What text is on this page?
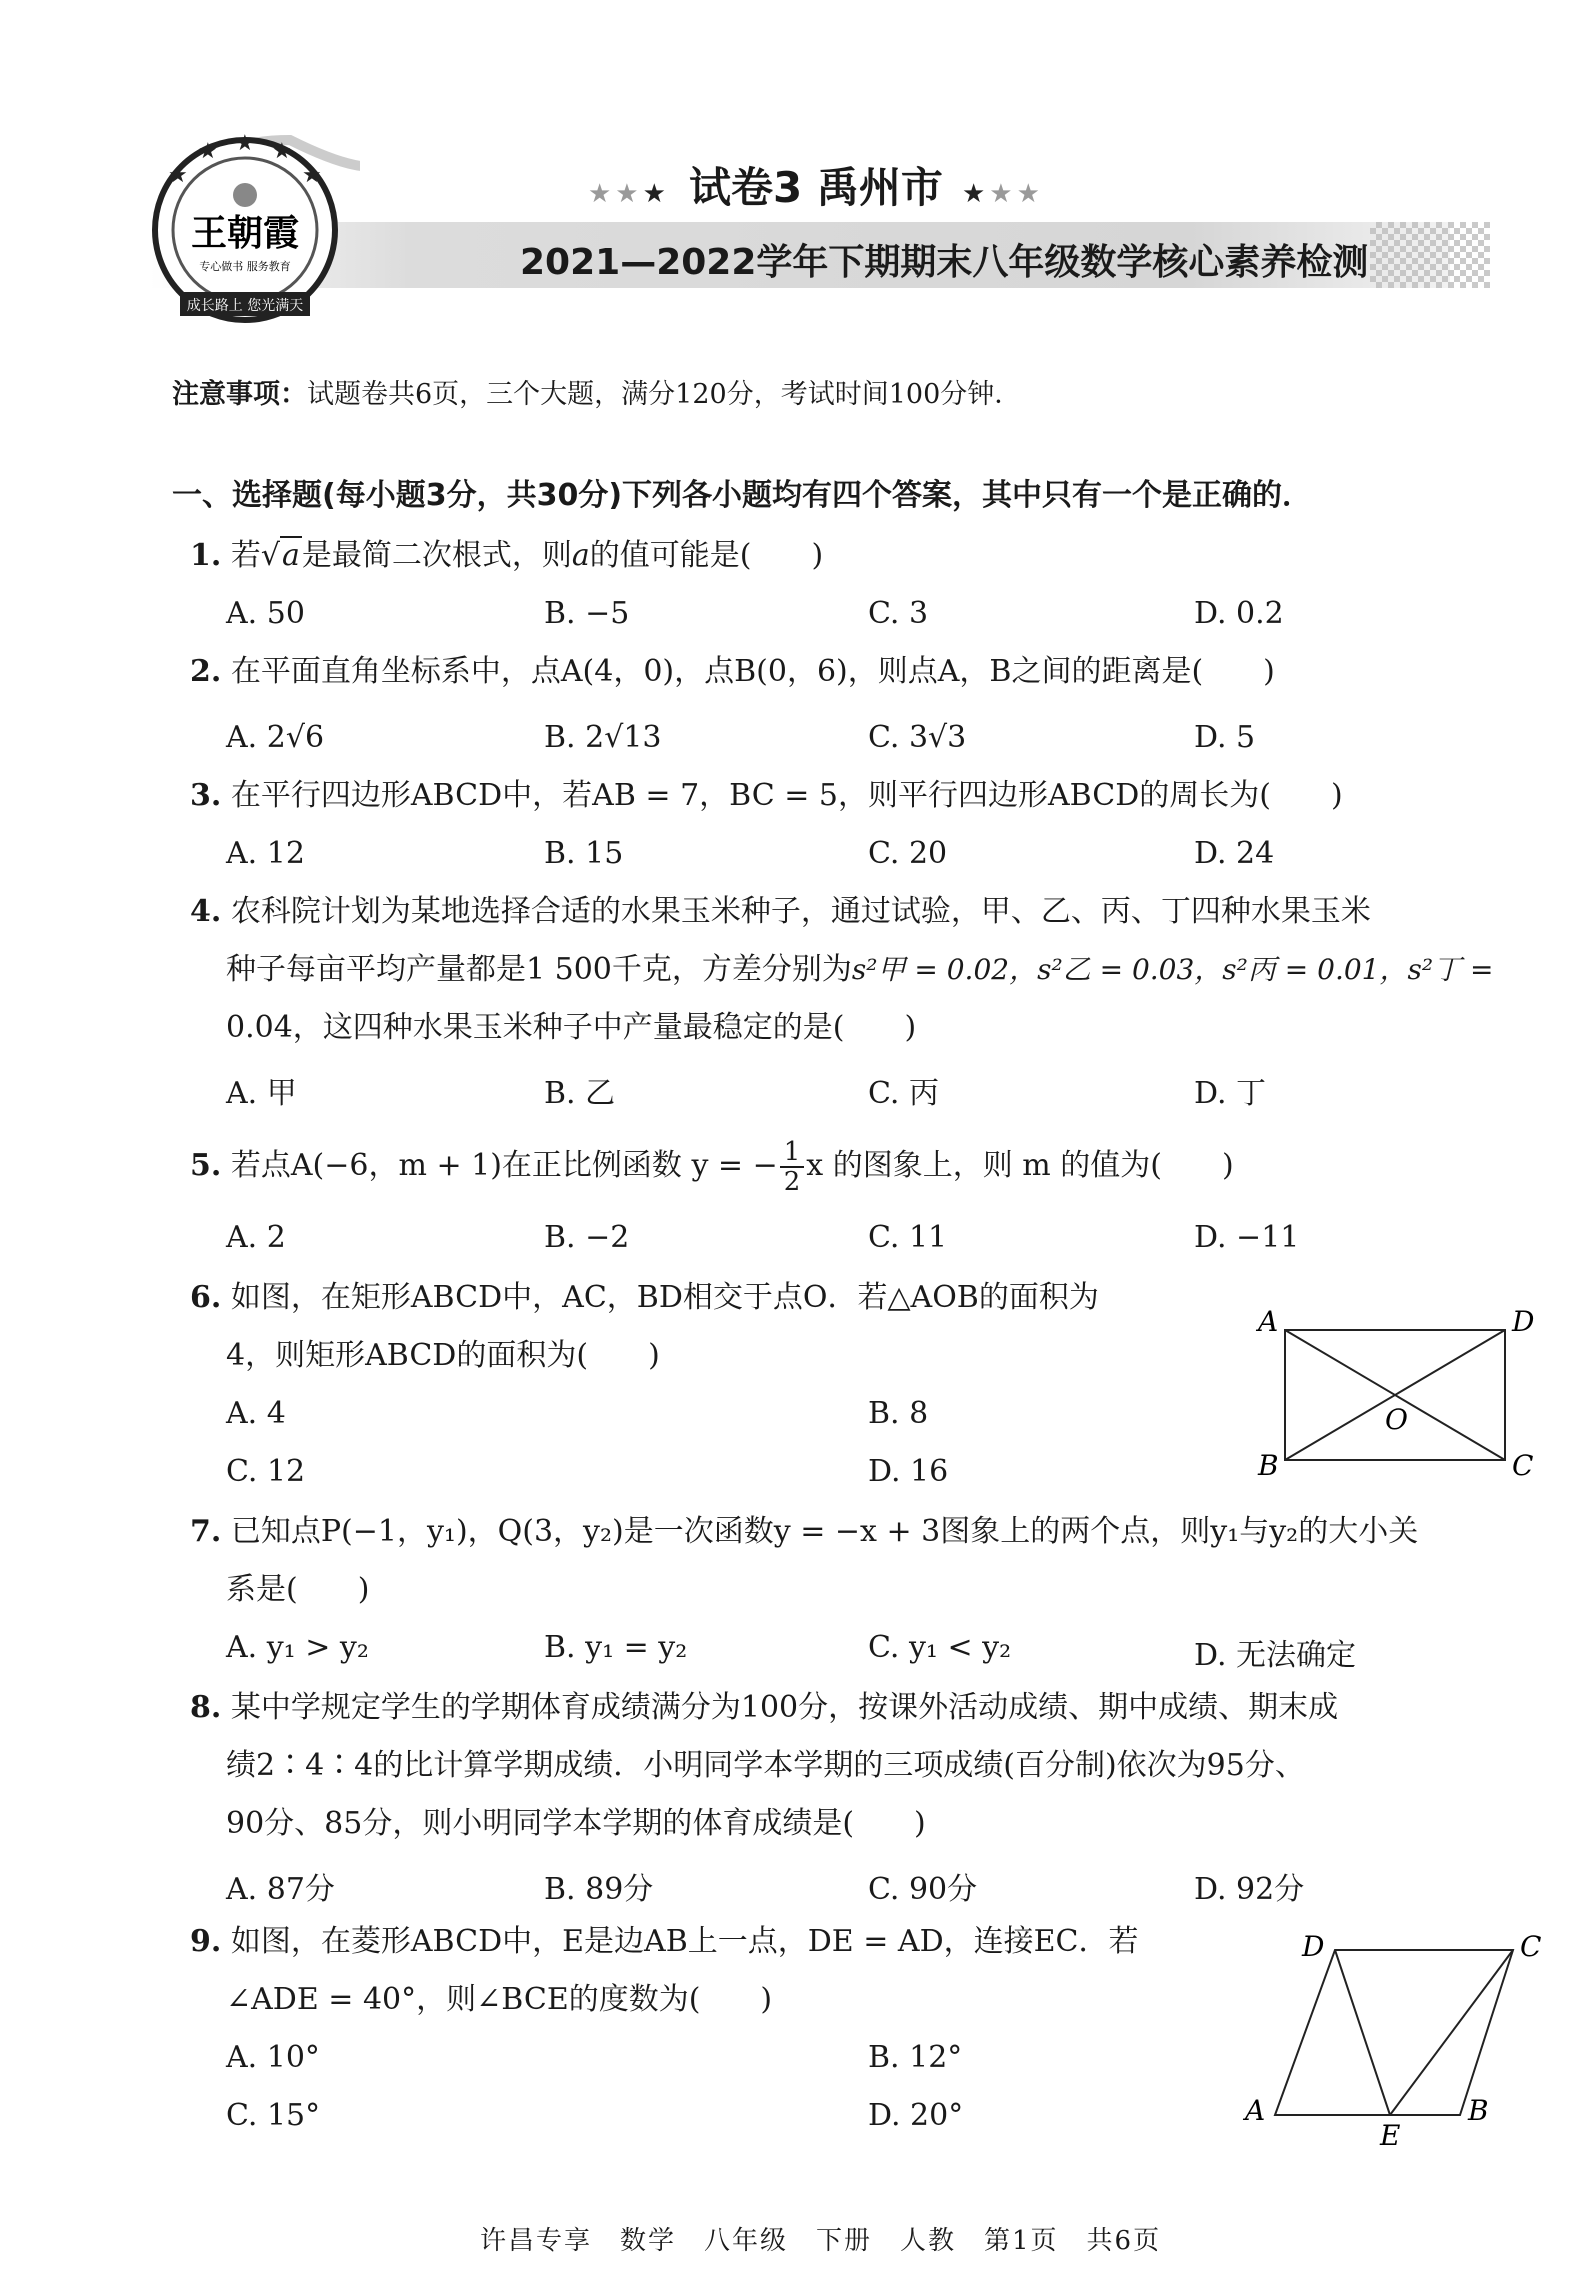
★
★ ★ ★
★
成长路上 您光满天
王朝霞
专心做书 服务教育
★★★ 试卷3 禹州市 ★★★
2021—2022学年下期期末八年级数学核心素养检测
注意事项：试题卷共6页，三个大题，满分120分，考试时间100分钟．
一、选择题(每小题3分，共30分)下列各小题均有四个答案，其中只有一个是正确的．
1. 若√a是最简二次根式，则a的值可能是(　　)
A. 50	B. −5	C. 3	D. 0.2
2. 在平面直角坐标系中，点A(4，0)，点B(0，6)，则点A，B之间的距离是(　　)
A. 2√6	B. 2√13	C. 3√3	D. 5
3. 在平行四边形ABCD中，若AB = 7，BC = 5，则平行四边形ABCD的周长为(　　)
A. 12	B. 15	C. 20	D. 24
4. 农科院计划为某地选择合适的水果玉米种子，通过试验，甲、乙、丙、丁四种水果玉米
种子每亩平均产量都是1 500千克，方差分别为s²甲 = 0.02，s²乙 = 0.03，s²丙 = 0.01，s²丁 =
0.04，这四种水果玉米种子中产量最稳定的是(　　)
A. 甲	B. 乙	C. 丙	D. 丁
5. 若点A(−6，m + 1)在正比例函数 y = − $\frac{1}{2}$ x 的图象上，则 m 的值为(　　)
A. 2	B. −2	C. 11	D. −11
6. 如图，在矩形ABCD中，AC，BD相交于点O．若△AOB的面积为
4，则矩形ABCD的面积为(　　)
A. 4	B. 8
C. 12	D. 16
A	D
B	C
O
7. 已知点P(−1，y₁)，Q(3，y₂)是一次函数y = −x + 3图象上的两个点，则y₁与y₂的大小关
系是(　　)
A. y₁ > y₂	B. y₁ = y₂	C. y₁ < y₂	D. 无法确定
8. 某中学规定学生的学期体育成绩满分为100分，按课外活动成绩、期中成绩、期末成
绩2∶4∶4的比计算学期成绩．小明同学本学期的三项成绩(百分制)依次为95分、
90分、85分，则小明同学本学期的体育成绩是(　　)
A. 87分	B. 89分	C. 90分	D. 92分
9. 如图，在菱形ABCD中，E是边AB上一点，DE = AD，连接EC．若
∠ADE = 40°，则∠BCE的度数为(　　)
A. 10°	B. 12°
C. 15°	D. 20°
D	C
A	B
E
许昌专享　数学　八年级　下册　人教　第1页　共6页
